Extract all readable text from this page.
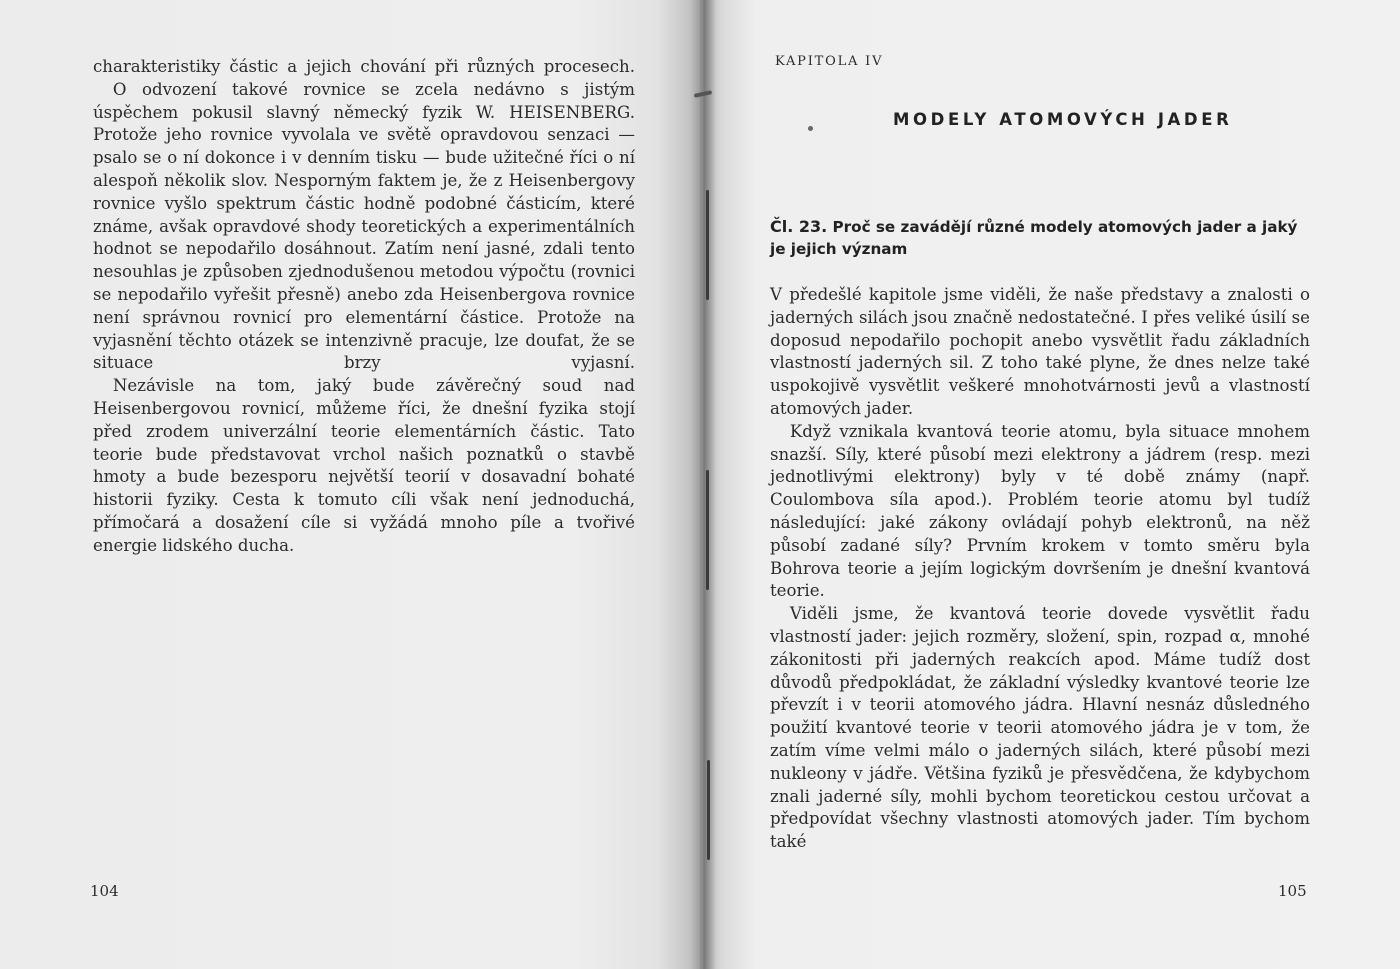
charakteristiky částic a jejich chování při různých procesech.

O odvození takové rovnice se zcela nedávno s jistým úspěchem pokusil slavný německý fyzik W. HEISENBERG. Protože jeho rovnice vyvolala ve světě opravdovou senzaci — psalo se o ní dokonce i v denním tisku — bude užitečné říci o ní alespoň několik slov. Nesporným faktem je, že z Heisenbergovy rovnice vyšlo spektrum částic hodně podobné částicím, které známe, avšak opravdové shody teoretických a experimentálních hodnot se nepodařilo dosáhnout. Zatím není jasné, zdali tento nesouhlas je způsoben zjednodušenou metodou výpočtu (rovnici se nepodařilo vyřešit přesně) anebo zda Heisenbergova rovnice není správnou rovnicí pro elementární částice. Protože na vyjasnění těchto otázek se intenzivně pracuje, lze doufat, že se situace brzy vyjasní.

Nezávisle na tom, jaký bude závěrečný soud nad Heisenbergovou rovnicí, můžeme říci, že dnešní fyzika stojí před zrodem univerzální teorie elementárních částic. Tato teorie bude představovat vrchol našich poznatků o stavbě hmoty a bude bezesporu největší teorií v dosavadní bohaté historii fyziky. Cesta k tomuto cíli však není jednoduchá, přímočará a dosažení cíle si vyžádá mnoho píle a tvořivé energie lidského ducha.

104
KAPITOLA IV
MODELY ATOMOVÝCH JADER
Čl. 23. Proč se zavádějí různé modely atomových jader a jaký je jejich význam

V předešlé kapitole jsme viděli, že naše představy a znalosti o jaderných silách jsou značně nedostatečné. I přes veliké úsilí se doposud nepodařilo pochopit anebo vysvětlit řadu základních vlastností jaderných sil. Z toho také plyne, že dnes nelze také uspokojivě vysvětlit veškeré mnohotvárnosti jevů a vlastností atomových jader.

Když vznikala kvantová teorie atomu, byla situace mnohem snazší. Síly, které působí mezi elektrony a jádrem (resp. mezi jednotlivými elektrony) byly v té době známy (např. Coulombova síla apod.). Problém teorie atomu byl tudíž následující: jaké zákony ovládají pohyb elektronů, na něž působí zadané síly? Prvním krokem v tomto směru byla Bohrova teorie a jejím logickým dovršením je dnešní kvantová teorie.

Viděli jsme, že kvantová teorie dovede vysvětlit řadu vlastností jader: jejich rozměry, složení, spin, rozpad α, mnohé zákonitosti při jaderných reakcích apod. Máme tudíž dost důvodů předpokládat, že základní výsledky kvantové teorie lze převzít i v teorii atomového jádra. Hlavní nesnáz důsledného použití kvantové teorie v teorii atomového jádra je v tom, že zatím víme velmi málo o jaderných silách, které působí mezi nukleony v jádře. Většina fyziků je přesvědčena, že kdybychom znali jaderné síly, mohli bychom teoretickou cestou určovat a předpovídat všechny vlastnosti atomových jader. Tím bychom také

105
